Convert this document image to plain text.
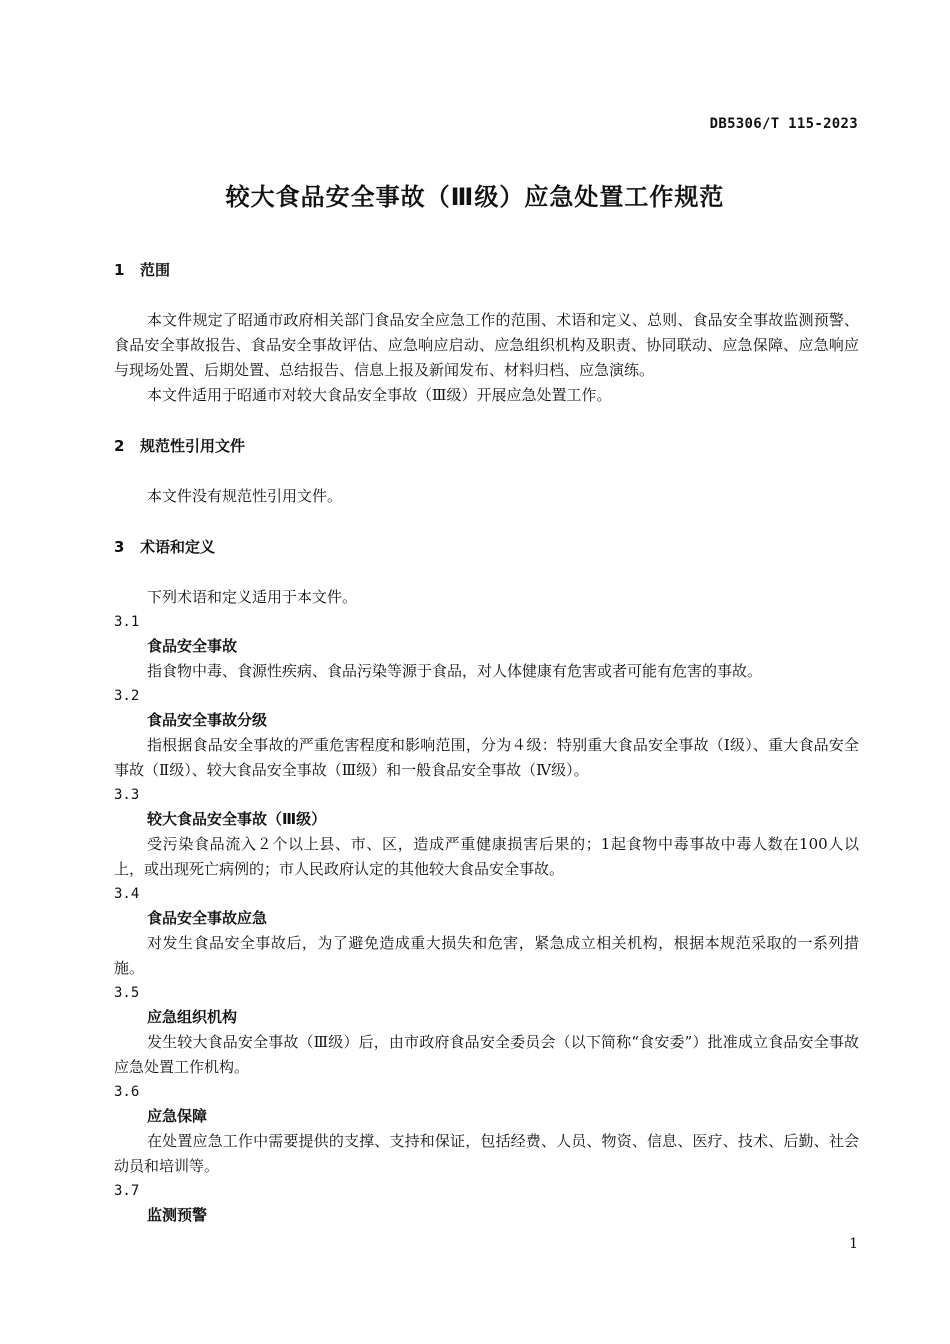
DB5306/T 115-2023
较大食品安全事故（Ⅲ级）应急处置工作规范
1 范围
本文件规定了昭通市政府相关部门食品安全应急工作的范围、术语和定义、总则、食品安全事故监测预警、食品安全事故报告、食品安全事故评估、应急响应启动、应急组织机构及职责、协同联动、应急保障、应急响应与现场处置、后期处置、总结报告、信息上报及新闻发布、材料归档、应急演练。
本文件适用于昭通市对较大食品安全事故（Ⅲ级）开展应急处置工作。
2 规范性引用文件
本文件没有规范性引用文件。
3 术语和定义
下列术语和定义适用于本文件。
3.1
食品安全事故
指食物中毒、食源性疾病、食品污染等源于食品，对人体健康有危害或者可能有危害的事故。
3.2
食品安全事故分级
指根据食品安全事故的严重危害程度和影响范围，分为４级：特别重大食品安全事故（Ⅰ级）、重大食品安全事故（Ⅱ级）、较大食品安全事故（Ⅲ级）和一般食品安全事故（Ⅳ级）。
3.3
较大食品安全事故（Ⅲ级）
受污染食品流入２个以上县、市、区，造成严重健康损害后果的；1起食物中毒事故中毒人数在100人以上，或出现死亡病例的；市人民政府认定的其他较大食品安全事故。
3.4
食品安全事故应急
对发生食品安全事故后，为了避免造成重大损失和危害，紧急成立相关机构，根据本规范采取的一系列措施。
3.5
应急组织机构
发生较大食品安全事故（Ⅲ级）后，由市政府食品安全委员会（以下简称“食安委”）批准成立食品安全事故应急处置工作机构。
3.6
应急保障
在处置应急工作中需要提供的支撑、支持和保证，包括经费、人员、物资、信息、医疗、技术、后勤、社会动员和培训等。
3.7
监测预警
1
